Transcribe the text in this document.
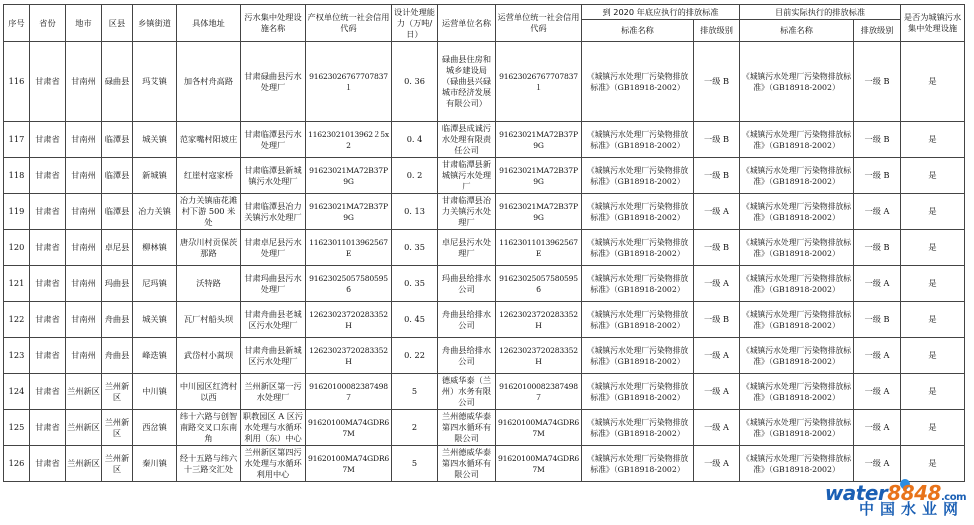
序号	省份	地市	区县	乡镇街道	具体地址	污水集中处理设施名称	产权单位统一社会信用代码	设计处理能力（万吨/日）	运营单位名称	运营单位统一社会信用代码	到 2020 年底应执行的排放标准		目前实际执行的排放标准		是否为城镇污水集中处理设施
											标准名称	排放级别	标准名称	排放级别	
116	甘肃省	甘南州	碌曲县	玛艾镇	加各村舟高路	甘肃碌曲县污水处理厂	91623026767707837１	0. 36	碌曲县住房和城乡建设局（碌曲县兴碌城市经济发展有限公司）	91623026767707837１	《城镇污水处理厂污染物排放标准》（GB18918-2002）	一级 B	《城镇污水处理厂污染物排放标准》（GB18918-2002）	一级 B	是
117	甘肃省	甘南州	临潭县	城关镇	范家嘴村阳坡庄	甘肃临潭县污水处理厂	11623021013962２5x2	0. 4	临潭县成诚污水处理有限责任公司	91623021MA72B37P9G	《城镇污水处理厂污染物排放标准》（GB18918-2002）	一级 B	《城镇污水处理厂污染物排放标准》（GB18918-2002）	一级 B	是
118	甘肃省	甘南州	临潭县	新城镇	红崖村寇家桥	甘肃临潭县新城镇污水处理厂	91623021MA72B37P9G	0. 2	甘肃临潭县新城镇污水处理厂	91623021MA72B37P9G	《城镇污水处理厂污染物排放标准》（GB18918-2002）	一级 B	《城镇污水处理厂污染物排放标准》（GB18918-2002）	一级 B	是
119	甘肃省	甘南州	临潭县	冶力关镇	冶力关镇庙花滩村下游 500 米处	甘肃临潭县冶力关镇污水处理厂	91623021MA72B37P9G	0. 13	甘肃临潭县冶力关镇污水处理厂	91623021MA72B37P9G	《城镇污水处理厂污染物排放标准》（GB18918-2002）	一级 A	《城镇污水处理厂污染物排放标准》（GB18918-2002）	一级 A	是
120	甘肃省	甘南州	卓尼县	柳林镇	唐尕川村贡保茨那路	甘肃卓尼县污水处理厂	11623011013962567E	0. 35	卓尼县污水处理厂	11623011013962567E	《城镇污水处理厂污染物排放标准》（GB18918-2002）	一级 B	《城镇污水处理厂污染物排放标准》（GB18918-2002）	一级 B	是
121	甘肃省	甘南州	玛曲县	尼玛镇	沃特路	甘肃玛曲县污水处理厂	91623025057580595б	0. 35	玛曲县给排水公司	91623025057580595б	《城镇污水处理厂污染物排放标准》（GB18918-2002）	一级 A	《城镇污水处理厂污染物排放标准》（GB18918-2002）	一级 A	是
122	甘肃省	甘南州	舟曲县	城关镇	瓦厂村船头坝	甘肃舟曲县老城区污水处理厂	12623023720283352H	0. 45	舟曲县给排水公司	12623023720283352H	《城镇污水处理厂污染物排放标准》（GB18918-2002）	一级 B	《城镇污水处理厂污染物排放标准》（GB18918-2002）	一级 B	是
123	甘肃省	甘南州	舟曲县	峰迭镇	武岱村小蒿坝	甘肃舟曲县新城区污水处理厂	12623023720283352H	0. 22	舟曲县给排水公司	12623023720283352H	《城镇污水处理厂污染物排放标准》（GB18918-2002）	一级 A	《城镇污水处理厂污染物排放标准》（GB18918-2002）	一级 A	是
124	甘肃省	兰州新区	兰州新区	中川镇	中川园区红湾村以西	兰州新区第一污水处理厂	91620100082387498７	5	德威华泰（兰州）水务有限公司	91620100082387498７	《城镇污水处理厂污染物排放标准》（GB18918-2002）	一级 A	《城镇污水处理厂污染物排放标准》（GB18918-2002）	一级 A	是
125	甘肃省	兰州新区	兰州新区	西岔镇	纬十六路与创智南路交叉口东南角	职教园区 A 区污水处理与水循环利用（东）中心	91620100MA74GDR67M	2	兰州德威华泰第四水循环有限公司	91620100MA74GDR67M	《城镇污水处理厂污染物排放标准》（GB18918-2002）	一级 A	《城镇污水处理厂污染物排放标准》（GB18918-2002）	一级 A	是
126	甘肃省	兰州新区	兰州新区	秦川镇	经十五路与纬六十三路交汇处	兰州新区第四污水处理与水循环利用中心	91620100MA74GDR67M	5	兰州德威华泰第四水循环有限公司	91620100MA74GDR67M	《城镇污水处理厂污染物排放标准》（GB18918-2002）	一级 A	《城镇污水处理厂污染物排放标准》（GB18918-2002）	一级 A	是
water8848.com
中国水业网
